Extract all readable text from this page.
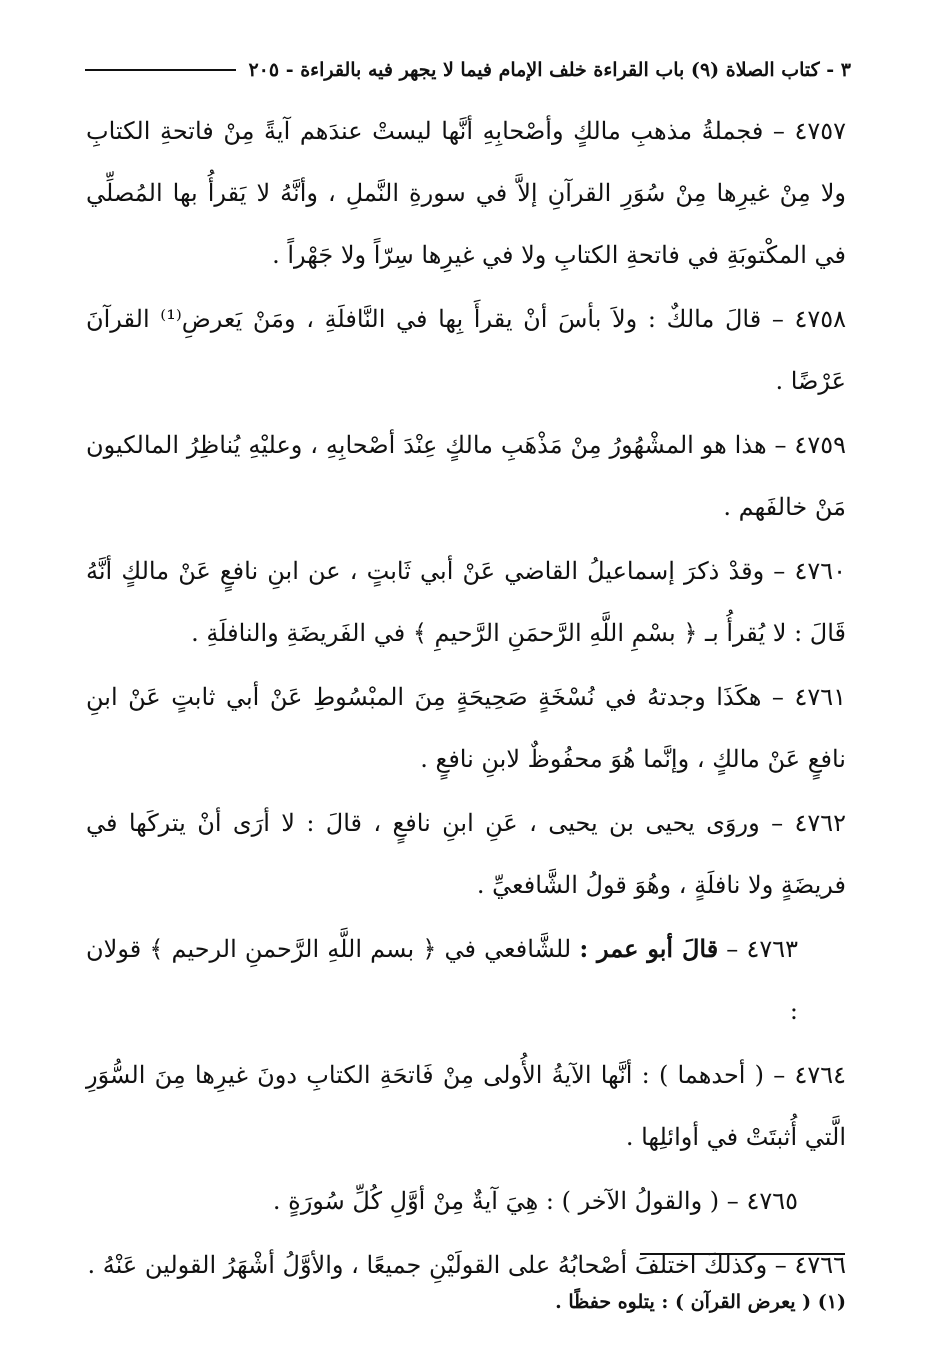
٣ - كتاب الصلاة (٩) باب القراءة خلف الإمام فيما لا يجهر فيه بالقراءة - ٢٠٥

٤٧٥٧ – فجملةُ مذهبِ مالكٍ وأصْحابِهِ أنَّها ليستْ عندَهم آيةً مِنْ فاتحةِ الكتابِ ولا مِنْ غيرِها مِنْ سُوَرِ القرآنِ إلاَّ في سورةِ النَّملِ ، وأنَّهُ لا يَقرأُ بها المُصلِّي في المكْتوبَةِ في فاتحةِ الكتابِ ولا في غيرِها سِرّاً ولا جَهْراً .

٤٧٥٨ – قالَ مالكٌ : ولاَ بأسَ أنْ يقرأَ بِها في النَّافلَةِ ، ومَنْ يَعرضِ⁽¹⁾ القرآنَ عَرْضًا .

٤٧٥٩ – هذا هو المشْهُورُ مِنْ مَذْهَبِ مالكٍ عِنْدَ أصْحابِهِ ، وعليْهِ يُناظِرُ المالكيون مَنْ خالفَهم .

٤٧٦٠ – وقدْ ذكرَ إسماعيلُ القاضي عَنْ أبي ثَابتٍ ، عن ابنِ نافعٍ عَنْ مالكٍ أنَّهُ قَالَ : لا يُقرأُ بـ ﴿ بسْمِ اللَّهِ الرَّحمَنِ الرَّحيمِ ﴾ في الفَريضَةِ والنافلَةِ .

٤٧٦١ – هكَذَا وجدتهُ في نُسْخَةٍ صَحِيحَةٍ مِنَ المبْسُوطِ عَنْ أبي ثابتٍ عَنْ ابنِ نافعٍ عَنْ مالكٍ ، وإنَّما هُوَ محفُوظٌ لابنِ نافعٍ .

٤٧٦٢ – وروَى يحيى بن يحيى ، عَنِ ابنِ نافعٍ ، قالَ : لا أرَى أنْ يتركَها في فريضَةٍ ولا نافلَةٍ ، وهُوَ قولُ الشَّافعيِّ .

٤٧٦٣ – قالَ أبو عمر : للشَّافعي في ﴿ بسم اللَّهِ الرَّحمنِ الرحيم ﴾ قولان :

٤٧٦٤ – ( أحدهما ) : أنَّها الآيةُ الأُولى مِنْ فَاتحَةِ الكتابِ دونَ غيرِها مِنَ السُّوَرِ الَّتي أُثبتَتْ في أوائلِها .

٤٧٦٥ – ( والقولُ الآخر ) : هِيَ آيةٌ مِنْ أوَّلِ كُلِّ سُورَةٍ .

٤٧٦٦ – وكذلكَ اختلفَ أصْحابُهُ على القولَيْنِ جميعًا ، والأوَّلُ أشْهَرُ القولين عَنْهُ .

(١) ( يعرض القرآن ) : يتلوه حفظًا .
